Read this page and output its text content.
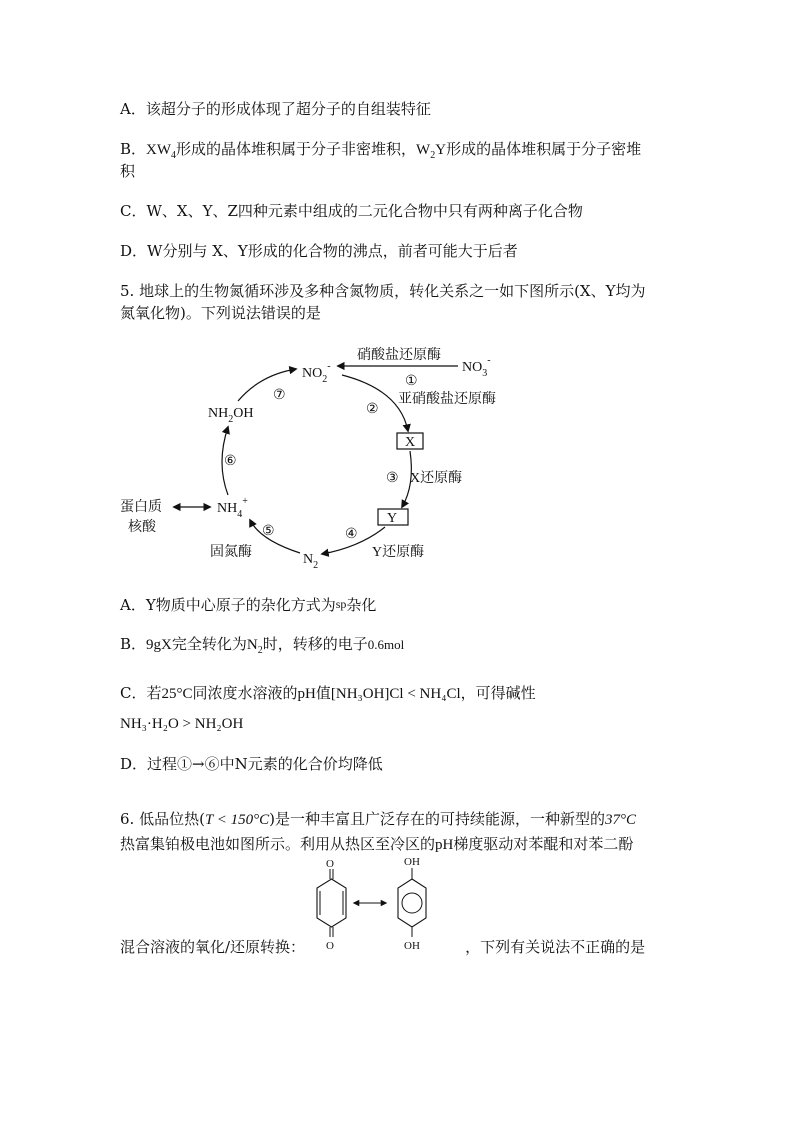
A．该超分子的形成体现了超分子的自组装特征
B．$XW_4$形成的晶体堆积属于分子非密堆积，$W_2Y$形成的晶体堆积属于分子密堆
积
C．W、X、Y、Z四种元素中组成的二元化合物中只有两种离子化合物
D．W分别与 X、Y形成的化合物的沸点，前者可能大于后者
5. 地球上的生物氮循环涉及多种含氮物质，转化关系之一如下图所示(X、Y均为
氮氧化物)。下列说法错误的是
$NO_2^-$	$NO_3^-$
硝酸盐还原酶
①
②
亚硝酸盐还原酶
X
③ X还原酶
Y
④
Y还原酶
$N_2$
⑤
固氮酶
$NH_4^+$
蛋白质
核酸
⑥
$NH_2OH$
⑦
A．Y物质中心原子的杂化方式为sp杂化
B．9gX完全转化为$N_2$时，转移的电子0.6mol
C．若25°C同浓度水溶液的pH值[NH₃OH]Cl < NH₄Cl，可得碱性
NH₃·H₂O > NH₂OH
D．过程①→⑥中N元素的化合价均降低
6. 低品位热(T < 150°C)是一种丰富且广泛存在的可持续能源，一种新型的37°C
热富集铂极电池如图所示。利用从热区至冷区的pH梯度驱动对苯醌和对苯二酚
O
O
OH
OH
混合溶液的氧化/还原转换：	，下列有关说法不正确的是
